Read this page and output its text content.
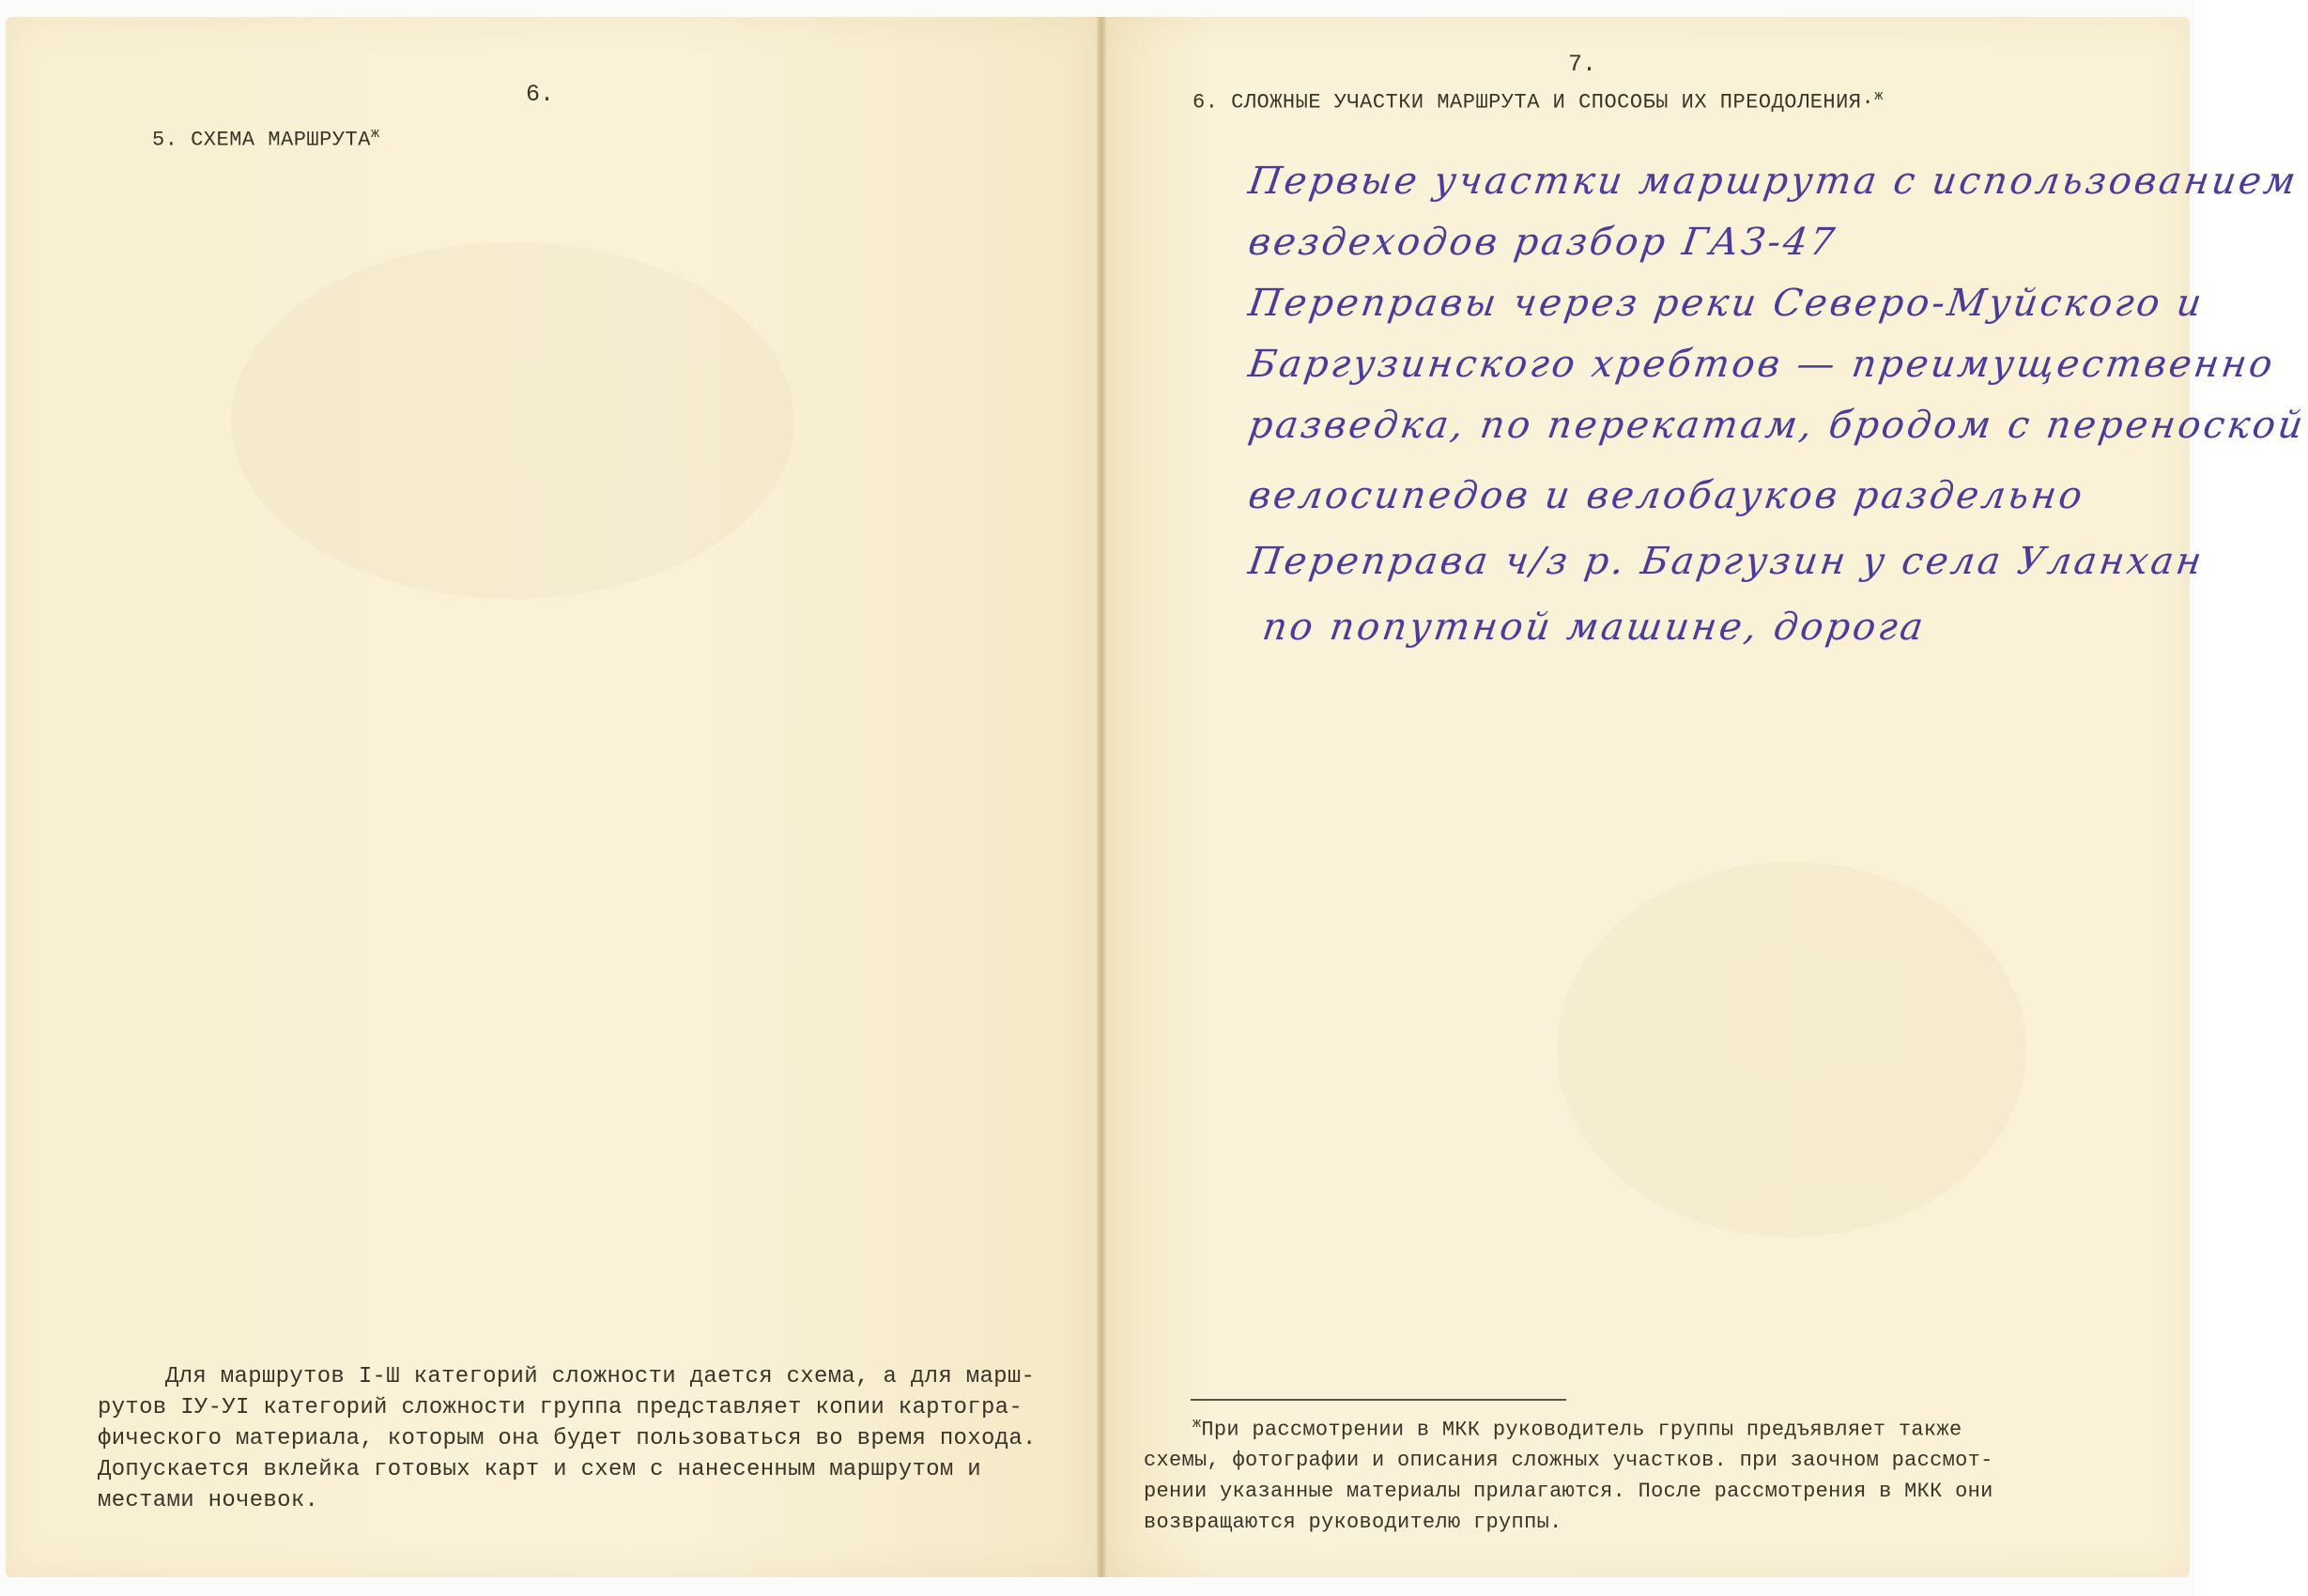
6.
5. СХЕМА $МАРШРУТА^ж$
Для маршрутов I-Ш категорий сложности дается схема, а для марш-
рутов IУ-УI категорий сложности группа представляет копии картогра-
фического материала, которым она будет пользоваться во время похода.
Допускается вклейка готовых карт и схем с нанесенным маршрутом и
местами ночевок.
7.
6. СЛОЖНЫЕ УЧАСТКИ МАРШРУТА И СПОСОБЫ ИХ ПРЕОДОЛЕНИЯ·$^ж$
Первые участки маршрута с использованием
вездеходов разбор ГАЗ-47
Переправы через реки Северо-Муйского и
Баргузинского хребтов — преимущественно
разведка, по перекатам, бродом с переноской
велосипедов и велобауков раздельно
Переправа ч/з р. Баргузин у села Уланхан
по попутной машине, дорога
$^ж$При рассмотрении в МКК руководитель группы предъявляет также
схемы, фотографии и описания сложных участков. при заочном рассмот-
рении указанные материалы прилагаются. После рассмотрения в МКК они
возвращаются руководителю группы.
